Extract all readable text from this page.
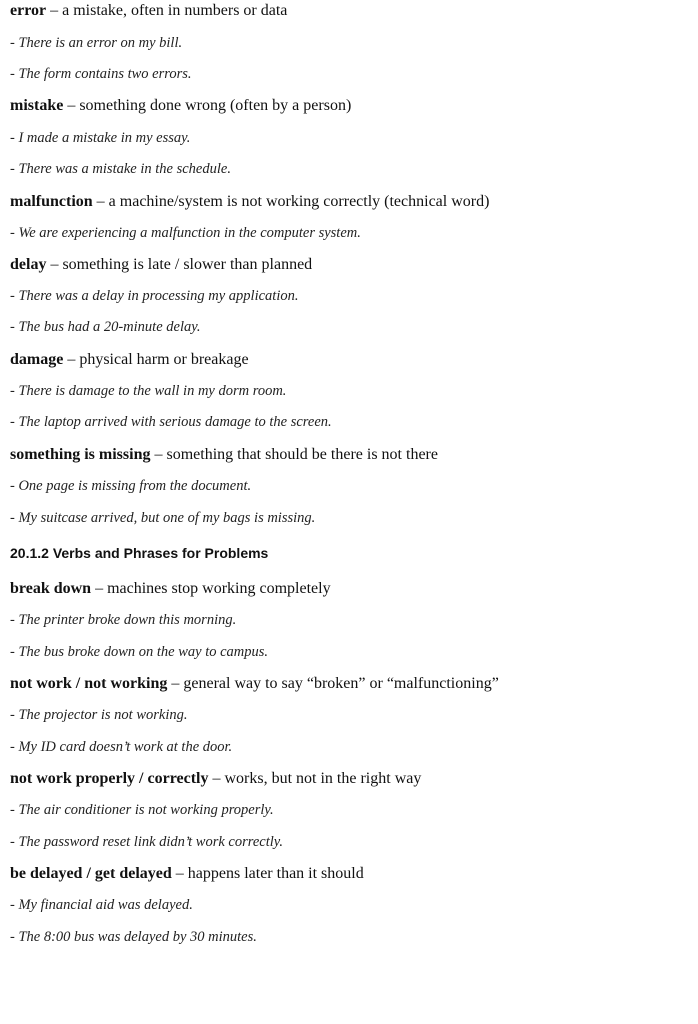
error – a mistake, often in numbers or data
- There is an error on my bill.
- The form contains two errors.
mistake – something done wrong (often by a person)
- I made a mistake in my essay.
- There was a mistake in the schedule.
malfunction – a machine/system is not working correctly (technical word)
- We are experiencing a malfunction in the computer system.
delay – something is late / slower than planned
- There was a delay in processing my application.
- The bus had a 20-minute delay.
damage – physical harm or breakage
- There is damage to the wall in my dorm room.
- The laptop arrived with serious damage to the screen.
something is missing – something that should be there is not there
- One page is missing from the document.
- My suitcase arrived, but one of my bags is missing.
20.1.2 Verbs and Phrases for Problems
break down – machines stop working completely
- The printer broke down this morning.
- The bus broke down on the way to campus.
not work / not working – general way to say “broken” or “malfunctioning”
- The projector is not working.
- My ID card doesn’t work at the door.
not work properly / correctly – works, but not in the right way
- The air conditioner is not working properly.
- The password reset link didn’t work correctly.
be delayed / get delayed – happens later than it should
- My financial aid was delayed.
- The 8:00 bus was delayed by 30 minutes.
